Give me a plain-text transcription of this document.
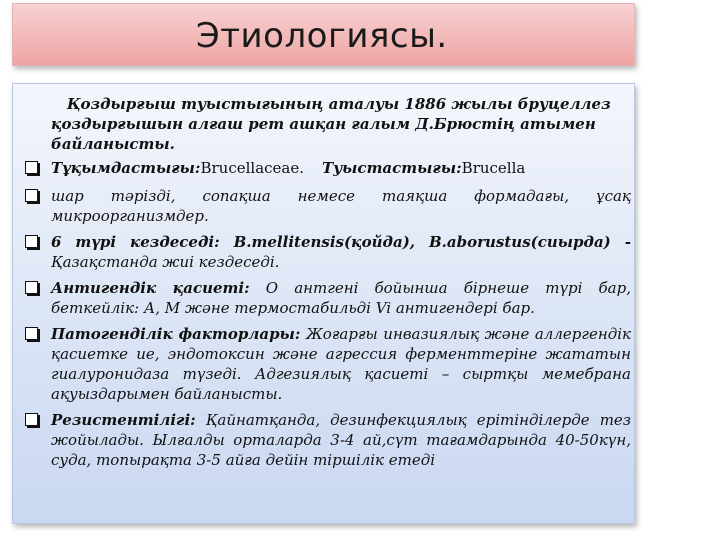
Этиологиясы.

Қоздырғыш туыстығының аталуы 1886 жылы бруцеллез қоздырғышын алғаш рет ашқан ғалым Д.Брюстің атымен байланысты.

Тұқымдастығы:Brucellaceae. Туыстастығы:Brucella

шар тәрізді, сопақша немесе таяқша формадағы, ұсақ микроорганизмдер.

6 түрі кездеседі: B.mellitensis(қойда), B.aborustus(сиырда) - Қазақстанда жиі кездеседі.

Антигендік қасиеті: О антгені бойынша бірнеше түрі бар, беткейлік: А, М және термостабильді Vi антигендері бар.

Патогенділік факторлары: Жоғарғы инвазиялық және аллергендік қасиетке ие, эндотоксин және агрессия ферменттеріне жататын гиалуронидаза түзеді. Адгезиялық қасиеті – сыртқы мемебрана ақуыздарымен байланысты.

Резистентілігі: Қайнатқанда, дезинфекциялық ерітінділерде тез жойылады. Ылғалды орталарда 3-4 ай,сүт тағамдарында 40-50күн, суда, топырақта 3-5 айға дейін тіршілік етеді
